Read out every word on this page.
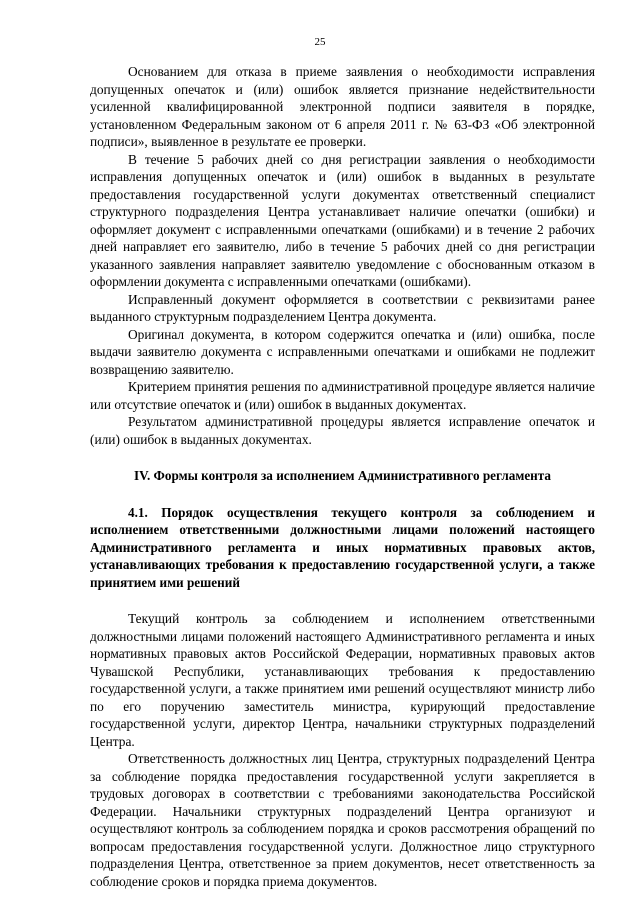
25

Основанием для отказа в приеме заявления о необходимости исправления допущенных опечаток и (или) ошибок является признание недействительности усиленной квалифицированной электронной подписи заявителя в порядке, установленном Федеральным законом от 6 апреля 2011 г. № 63-ФЗ «Об электронной подписи», выявленное в результате ее проверки.

В течение 5 рабочих дней со дня регистрации заявления о необходимости исправления допущенных опечаток и (или) ошибок в выданных в результате предоставления государственной услуги документах ответственный специалист структурного подразделения Центра устанавливает наличие опечатки (ошибки) и оформляет документ с исправленными опечатками (ошибками) и в течение 2 рабочих дней направляет его заявителю, либо в течение 5 рабочих дней со дня регистрации указанного заявления направляет заявителю уведомление с обоснованным отказом в оформлении документа с исправленными опечатками (ошибками).

Исправленный документ оформляется в соответствии с реквизитами ранее выданного структурным подразделением Центра документа.

Оригинал документа, в котором содержится опечатка и (или) ошибка, после выдачи заявителю документа с исправленными опечатками и ошибками не подлежит возвращению заявителю.

Критерием принятия решения по административной процедуре является наличие или отсутствие опечаток и (или) ошибок в выданных документах.

Результатом административной процедуры является исправление опечаток и (или) ошибок в выданных документах.

IV. Формы контроля за исполнением Административного регламента
4.1. Порядок осуществления текущего контроля за соблюдением и исполнением ответственными должностными лицами положений настоящего Административного регламента и иных нормативных правовых актов, устанавливающих требования к предоставлению государственной услуги, а также принятием ими решений

Текущий контроль за соблюдением и исполнением ответственными должностными лицами положений настоящего Административного регламента и иных нормативных правовых актов Российской Федерации, нормативных правовых актов Чувашской Республики, устанавливающих требования к предоставлению государственной услуги, а также принятием ими решений осуществляют министр либо по его поручению заместитель министра, курирующий предоставление государственной услуги, директор Центра, начальники структурных подразделений Центра.

Ответственность должностных лиц Центра, структурных подразделений Центра за соблюдение порядка предоставления государственной услуги закрепляется в трудовых договорах в соответствии с требованиями законодательства Российской Федерации. Начальники структурных подразделений Центра организуют и осуществляют контроль за соблюдением порядка и сроков рассмотрения обращений по вопросам предоставления государственной услуги. Должностное лицо структурного подразделения Центра, ответственное за прием документов, несет ответственность за соблюдение сроков и порядка приема документов.
